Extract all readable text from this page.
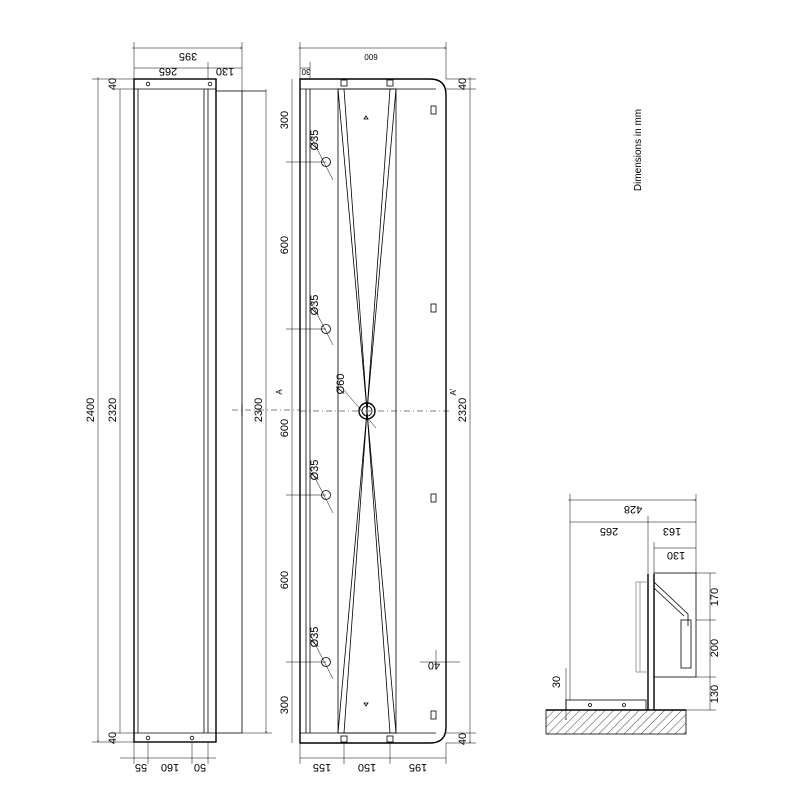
395
265	130
2400 2320
40
40
2300
A
55 160 50
Ø35
Ø35
Ø35
Ø35
Ø60
600
30
300
600
600
600
300
2320
40
40
A'
40
155 150	195
Dimensions in mm
428
265	163
130
170
200
130
30
